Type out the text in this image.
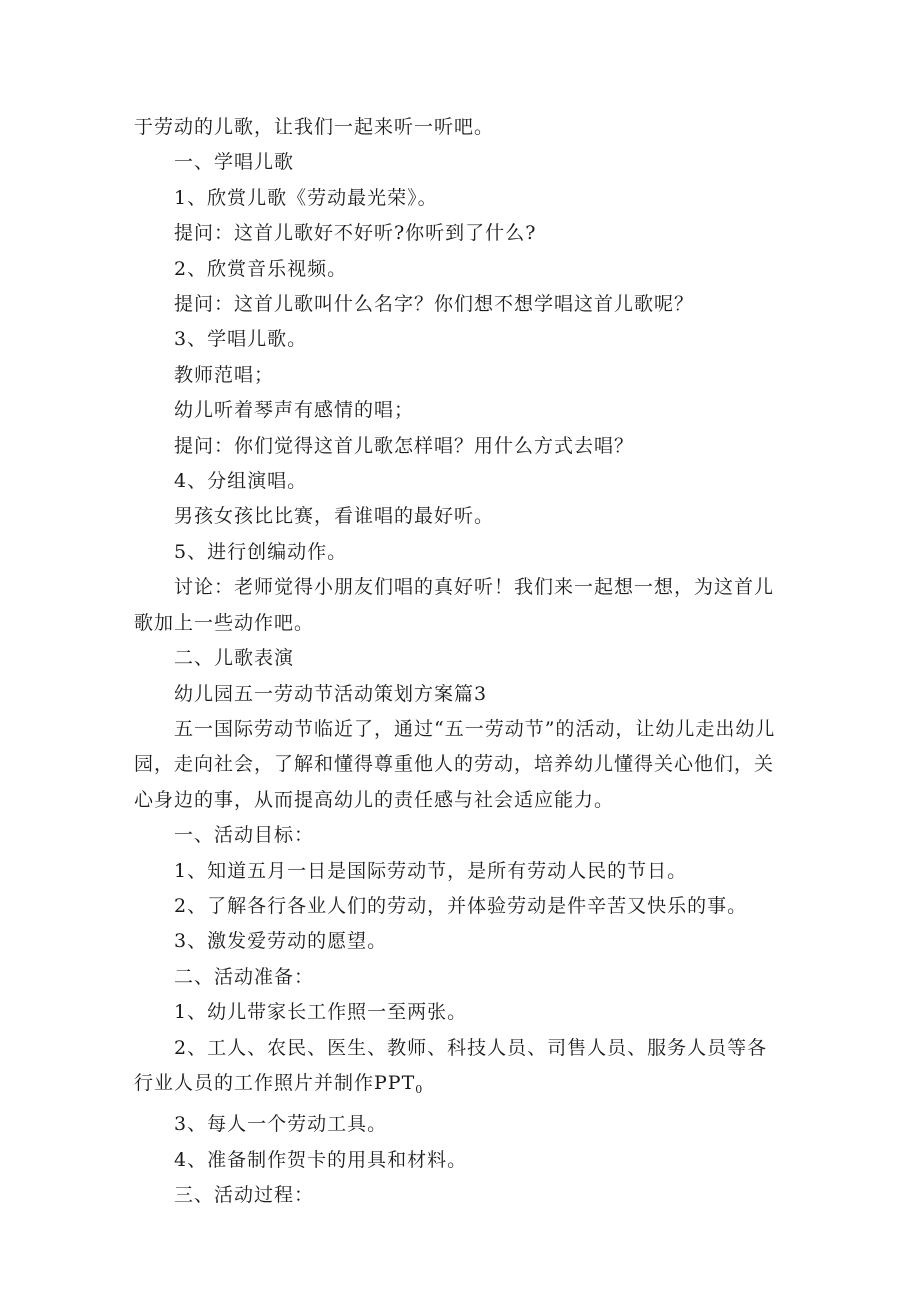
于劳动的儿歌，让我们一起来听一听吧。

一、学唱儿歌

1、欣赏儿歌《劳动最光荣》。

提问：这首儿歌好不好听?你听到了什么?

2、欣赏音乐视频。

提问：这首儿歌叫什么名字？你们想不想学唱这首儿歌呢？

3、学唱儿歌。

教师范唱；

幼儿听着琴声有感情的唱；

提问：你们觉得这首儿歌怎样唱？用什么方式去唱？

4、分组演唱。

男孩女孩比比赛，看谁唱的最好听。

5、进行创编动作。

讨论：老师觉得小朋友们唱的真好听！我们来一起想一想，为这首儿歌加上一些动作吧。

二、儿歌表演

幼儿园五一劳动节活动策划方案篇3

五一国际劳动节临近了，通过“五一劳动节”的活动，让幼儿走出幼儿园，走向社会，了解和懂得尊重他人的劳动，培养幼儿懂得关心他们，关心身边的事，从而提高幼儿的责任感与社会适应能力。

一、活动目标：

1、知道五月一日是国际劳动节，是所有劳动人民的节日。

2、了解各行各业人们的劳动，并体验劳动是件辛苦又快乐的事。

3、激发爱劳动的愿望。

二、活动准备：

1、幼儿带家长工作照一至两张。

2、工人、农民、医生、教师、科技人员、司售人员、服务人员等各行业人员的工作照片并制作$PPT_0$

3、每人一个劳动工具。

4、准备制作贺卡的用具和材料。

三、活动过程：
